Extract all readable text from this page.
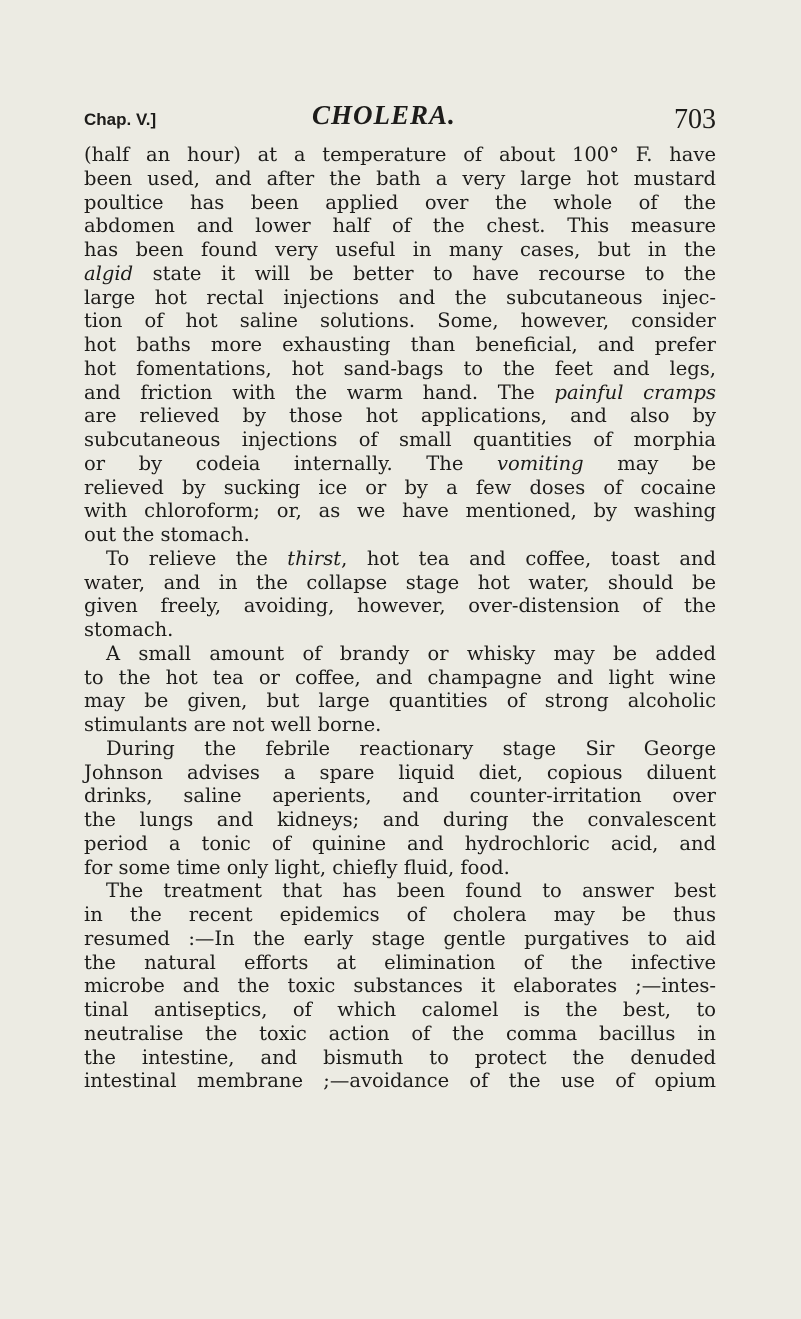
Chap. V.]	CHOLERA.	703
(half an hour) at a temperature of about 100° F. have
been used, and after the bath a very large hot mustard
poultice has been applied over the whole of the
abdomen and lower half of the chest. This measure
has been found very useful in many cases, but in the
algid state it will be better to have recourse to the
large hot rectal injections and the subcutaneous injec-
tion of hot saline solutions. Some, however, consider
hot baths more exhausting than beneficial, and prefer
hot fomentations, hot sand-bags to the feet and legs,
and friction with the warm hand. The painful cramps
are relieved by those hot applications, and also by
subcutaneous injections of small quantities of morphia
or by codeia internally. The vomiting may be
relieved by sucking ice or by a few doses of cocaine
with chloroform; or, as we have mentioned, by washing
out the stomach.
To relieve the thirst, hot tea and coffee, toast and
water, and in the collapse stage hot water, should be
given freely, avoiding, however, over-distension of the
stomach.
A small amount of brandy or whisky may be added
to the hot tea or coffee, and champagne and light wine
may be given, but large quantities of strong alcoholic
stimulants are not well borne.
During the febrile reactionary stage Sir George
Johnson advises a spare liquid diet, copious diluent
drinks, saline aperients, and counter-irritation over
the lungs and kidneys; and during the convalescent
period a tonic of quinine and hydrochloric acid, and
for some time only light, chiefly fluid, food.
The treatment that has been found to answer best
in the recent epidemics of cholera may be thus
resumed :—In the early stage gentle purgatives to aid
the natural efforts at elimination of the infective
microbe and the toxic substances it elaborates ;—intes-
tinal antiseptics, of which calomel is the best, to
neutralise the toxic action of the comma bacillus in
the intestine, and bismuth to protect the denuded
intestinal membrane ;—avoidance of the use of opium
